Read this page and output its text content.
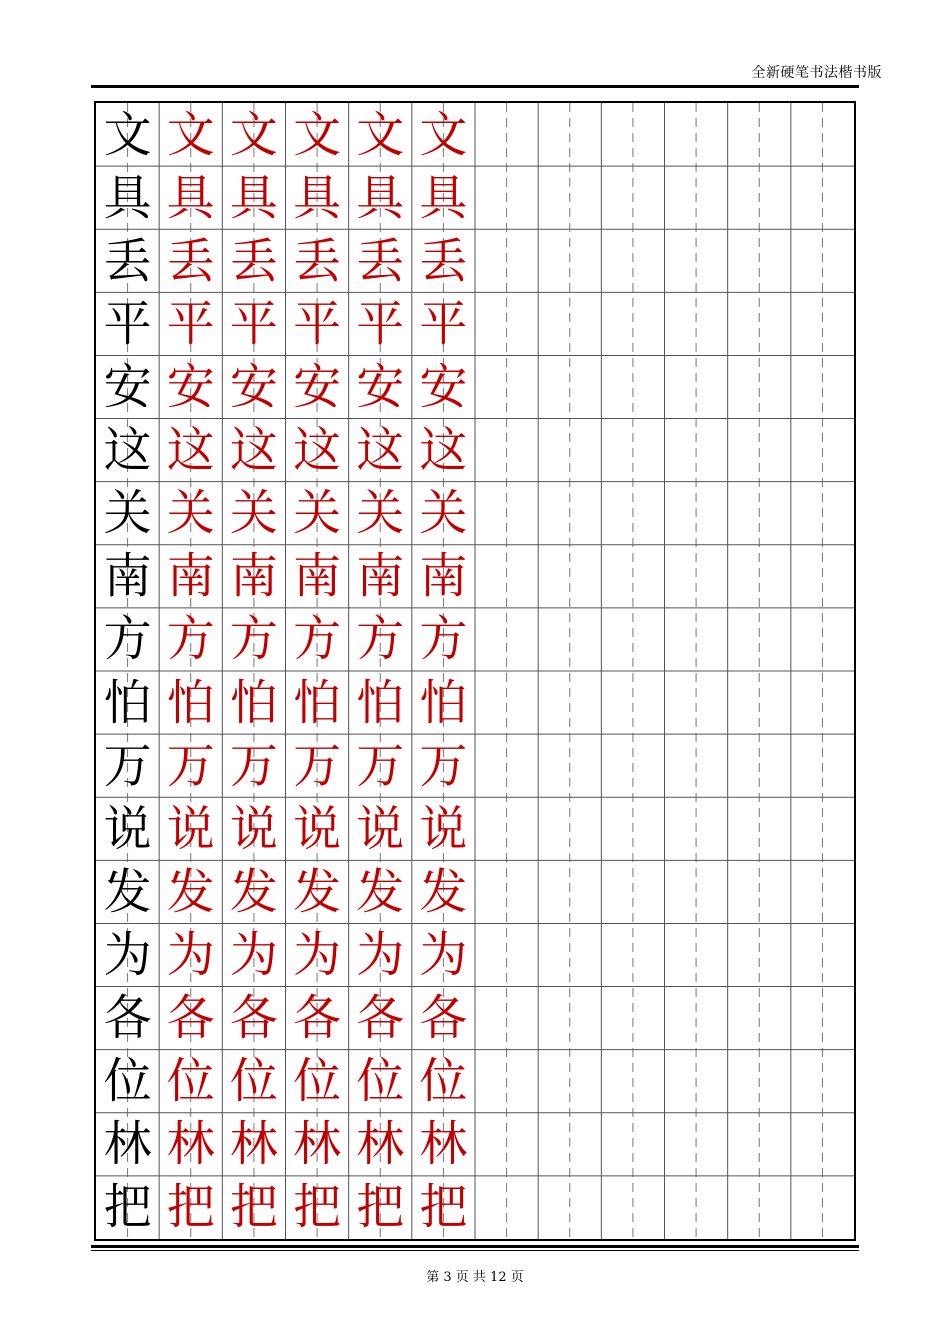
全新硬笔书法楷书版
文 文 文 文 文 文
具 具 具 具 具 具
丢 丢 丢 丢 丢 丢
平 平 平 平 平 平
安 安 安 安 安 安
这 这 这 这 这 这
关 关 关 关 关 关
南 南 南 南 南 南
方 方 方 方 方 方
怕 怕 怕 怕 怕 怕
万 万 万 万 万 万
说 说 说 说 说 说
发 发 发 发 发 发
为 为 为 为 为 为
各 各 各 各 各 各
位 位 位 位 位 位
林 林 林 林 林 林
把 把 把 把 把 把
第 3 页 共 12 页
